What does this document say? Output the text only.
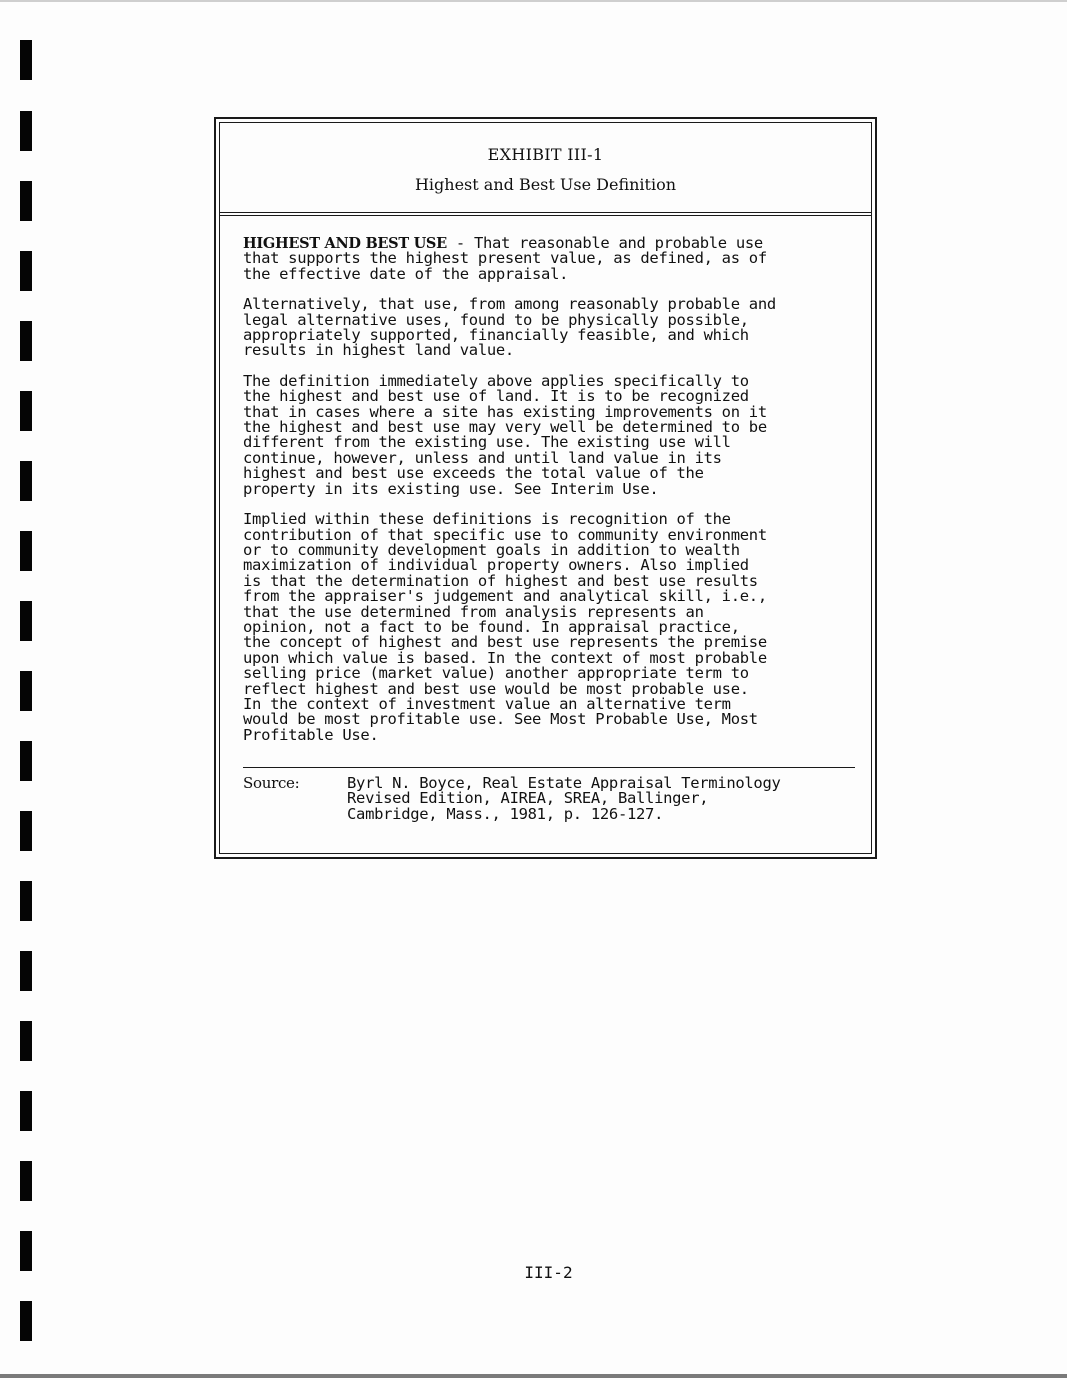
EXHIBIT III-1
Highest and Best Use Definition

HIGHEST AND BEST USE - That reasonable and probable use
that supports the highest present value, as defined, as of
the effective date of the appraisal.

Alternatively, that use, from among reasonably probable and
legal alternative uses, found to be physically possible,
appropriately supported, financially feasible, and which
results in highest land value.

The definition immediately above applies specifically to
the highest and best use of land. It is to be recognized
that in cases where a site has existing improvements on it
the highest and best use may very well be determined to be
different from the existing use. The existing use will
continue, however, unless and until land value in its
highest and best use exceeds the total value of the
property in its existing use. See Interim Use.

Implied within these definitions is recognition of the
contribution of that specific use to community environment
or to community development goals in addition to wealth
maximization of individual property owners. Also implied
is that the determination of highest and best use results
from the appraiser's judgement and analytical skill, i.e.,
that the use determined from analysis represents an
opinion, not a fact to be found. In appraisal practice,
the concept of highest and best use represents the premise
upon which value is based. In the context of most probable
selling price (market value) another appropriate term to
reflect highest and best use would be most probable use.
In the context of investment value an alternative term
would be most profitable use. See Most Probable Use, Most
Profitable Use.

Source:	Byrl N. Boyce, Real Estate Appraisal Terminology
Revised Edition, AIREA, SREA, Ballinger,
Cambridge, Mass., 1981, p. 126-127.
III-2
